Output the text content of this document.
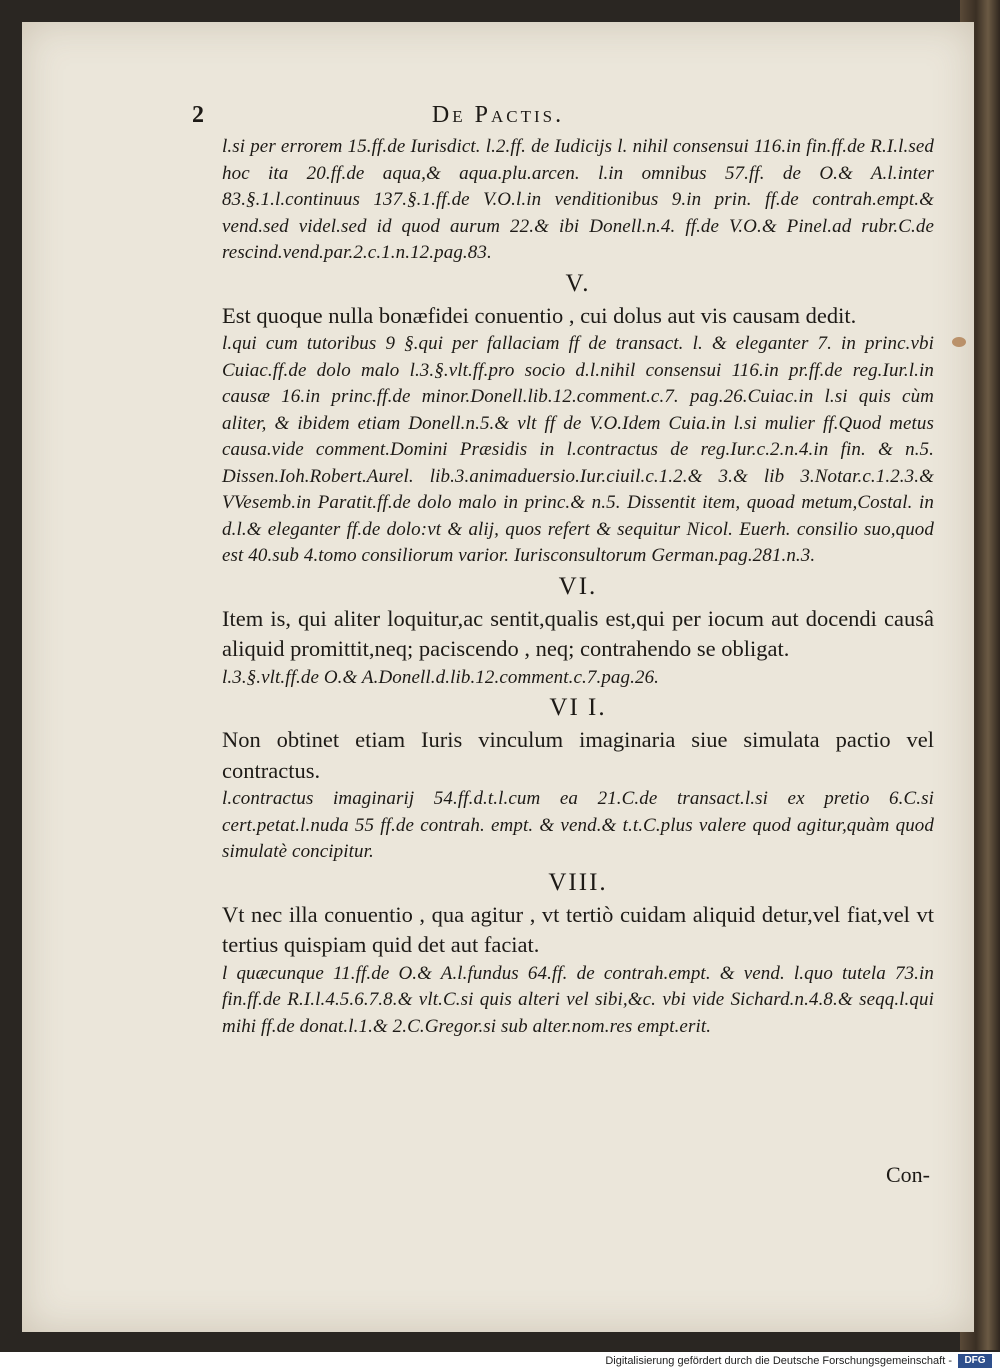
2	De Pactis.

l.si per errorem 15.ff.de Iurisdict. l.2.ff. de Iudicijs l. nihil consensui 116.in fin.ff.de R.I.l.sed hoc ita 20.ff.de aqua,& aqua.plu.arcen. l.in omnibus 57.ff. de O.& A.l.inter 83.§.1.l.continuus 137.§.1.ff.de V.O.l.in venditionibus 9.in prin. ff.de contrah.empt.& vend.sed videl.sed id quod aurum 22.& ibi Donell.n.4. ff.de V.O.& Pinel.ad rubr.C.de rescind.vend.par.2.c.1.n.12.pag.83.

V.

Est quoque nulla bonæfidei conuentio , cui dolus aut vis causam dedit.

l.qui cum tutoribus 9 §.qui per fallaciam ff de transact. l. & eleganter 7. in princ.vbi Cuiac.ff.de dolo malo l.3.§.vlt.ff.pro socio d.l.nihil consensui 116.in pr.ff.de reg.Iur.l.in causæ 16.in princ.ff.de minor.Donell.lib.12.comment.c.7. pag.26.Cuiac.in l.si quis cùm aliter, & ibidem etiam Donell.n.5.& vlt ff de V.O.Idem Cuia.in l.si mulier ff.Quod metus causa.vide comment.Domini Præsidis in l.contractus de reg.Iur.c.2.n.4.in fin. & n.5. Dissen.Ioh.Robert.Aurel. lib.3.animaduersio.Iur.ciuil.c.1.2.& 3.& lib 3.Notar.c.1.2.3.& VVesemb.in Paratit.ff.de dolo malo in princ.& n.5. Dissentit item, quoad metum,Costal. in d.l.& eleganter ff.de dolo:vt & alij, quos refert & sequitur Nicol. Euerh. consilio suo,quod est 40.sub 4.tomo consiliorum varior. Iurisconsultorum German.pag.281.n.3.

VI.

Item is, qui aliter loquitur,ac sentit,qualis est,qui per iocum aut docendi causâ aliquid promittit,neq; paciscendo , neq; contrahendo se obligat.

l.3.§.vlt.ff.de O.& A.Donell.d.lib.12.comment.c.7.pag.26.

VI I.

Non obtinet etiam Iuris vinculum imaginaria siue simulata pactio vel contractus.

l.contractus imaginarij 54.ff.d.t.l.cum ea 21.C.de transact.l.si ex pretio 6.C.si cert.petat.l.nuda 55 ff.de contrah. empt. & vend.& t.t.C.plus valere quod agitur,quàm quod simulatè concipitur.

VIII.

Vt nec illa conuentio , qua agitur , vt tertiò cuidam aliquid detur,vel fiat,vel vt tertius quispiam quid det aut faciat.

l quæcunque 11.ff.de O.& A.l.fundus 64.ff. de contrah.empt. & vend. l.quo tutela 73.in fin.ff.de R.I.l.4.5.6.7.8.& vlt.C.si quis alteri vel sibi,&c. vbi vide Sichard.n.4.8.& seqq.l.qui mihi ff.de donat.l.1.& 2.C.Gregor.si sub alter.nom.res empt.erit.

Con-
Digitalisierung gefördert durch die Deutsche Forschungsgemeinschaft -	DFG
